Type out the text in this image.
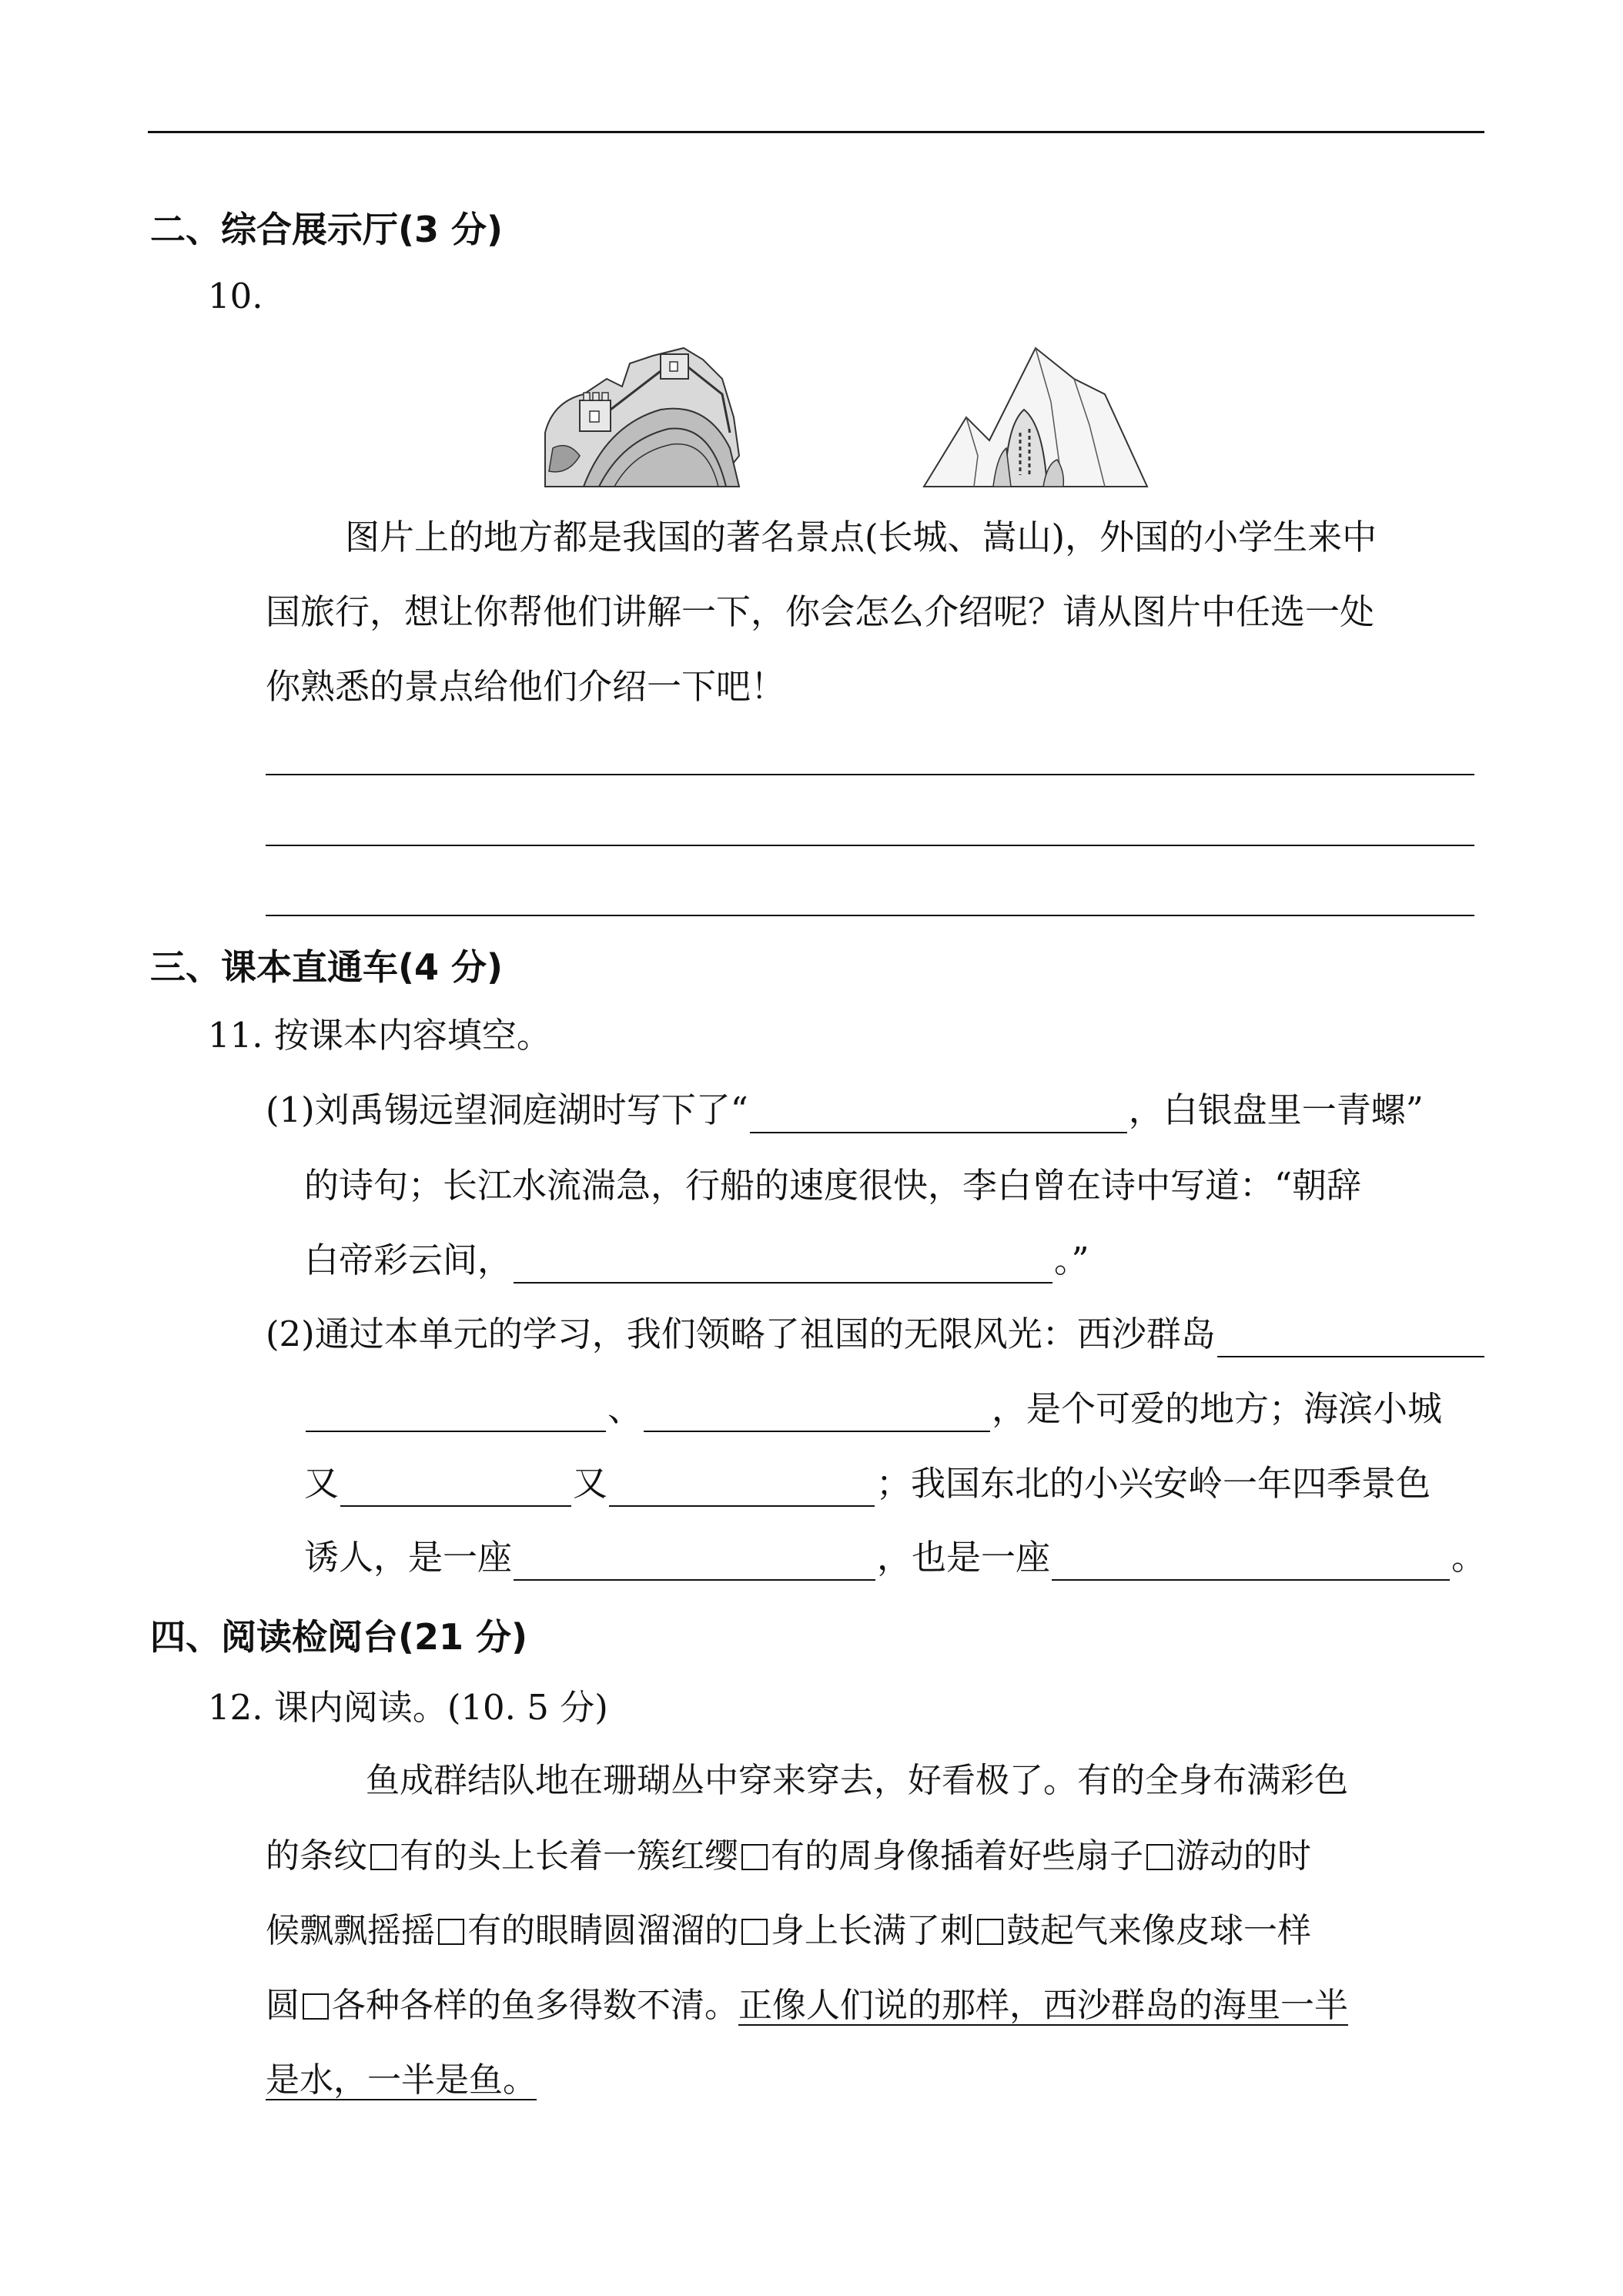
二、综合展示厅(3 分)
10.
图片上的地方都是我国的著名景点(长城、嵩山)，外国的小学生来中
国旅行，想让你帮他们讲解一下，你会怎么介绍呢？请从图片中任选一处
你熟悉的景点给他们介绍一下吧！
三、课本直通车(4 分)
11. 按课本内容填空。
(1)刘禹锡远望洞庭湖时写下了“	，白银盘里一青螺”
的诗句；长江水流湍急，行船的速度很快，李白曾在诗中写道：“朝辞
白帝彩云间，	。”
(2)通过本单元的学习，我们领略了祖国的无限风光：西沙群岛
、	，是个可爱的地方；海滨小城
又	又	；我国东北的小兴安岭一年四季景色
诱人，是一座	，也是一座	。
四、阅读检阅台(21 分)
12. 课内阅读。(10. 5 分)
鱼成群结队地在珊瑚丛中穿来穿去，好看极了。有的全身布满彩色
的条纹 有的头上长着一簇红缨 有的周身像插着好些扇子 游动的时
候飘飘摇摇 有的眼睛圆溜溜的 身上长满了刺 鼓起气来像皮球一样
圆 各种各样的鱼多得数不清。正像人们说的那样，西沙群岛的海里一半
是水，一半是鱼。
